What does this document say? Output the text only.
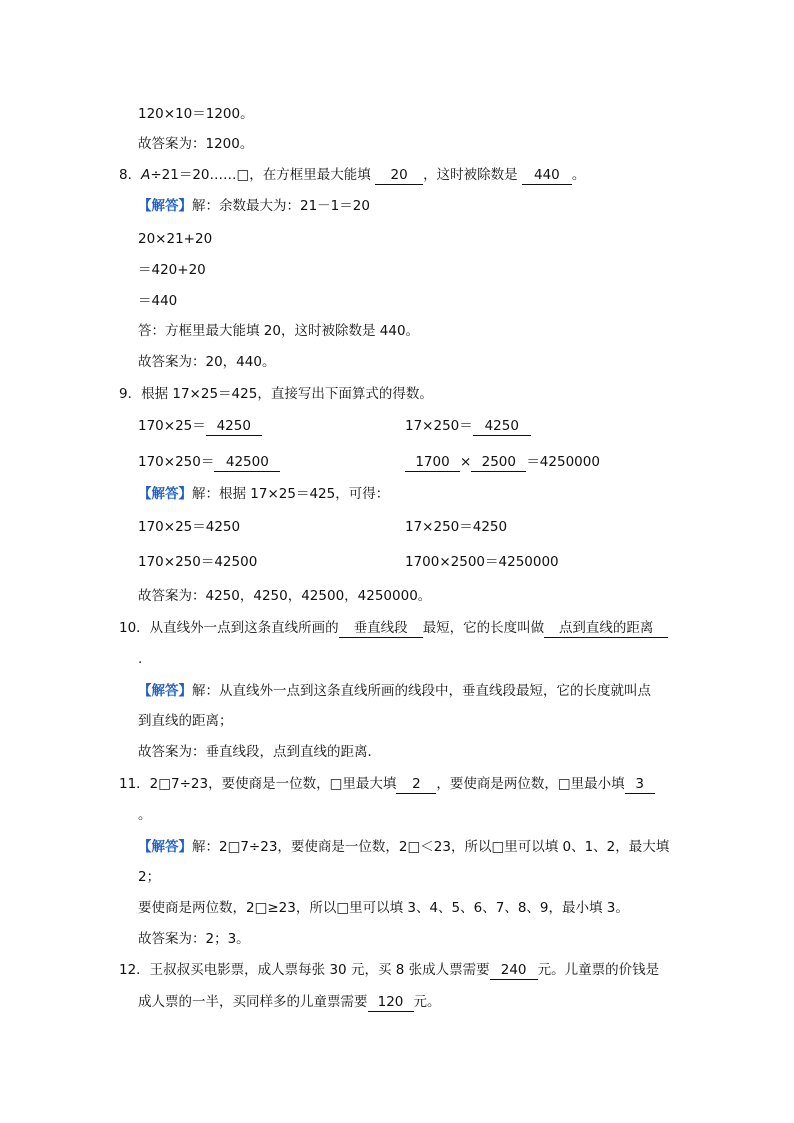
120×10＝1200。
故答案为：1200。
8．A÷21＝20……□，在方框里最大能填 20 ，这时被除数是 440 。
【解答】解：余数最大为：21－1＝20
20×21+20
＝420+20
＝440
答：方框里最大能填 20，这时被除数是 440。
故答案为：20，440。
9．根据 17×25＝425，直接写出下面算式的得数。
170×25＝ 4250	17×250＝ 4250
170×250＝ 42500	1700 × 2500 ＝4250000
【解答】解：根据 17×25＝425，可得：
170×25＝4250	17×250＝4250
170×250＝42500	1700×2500＝4250000
故答案为：4250，4250，42500，4250000。
10．从直线外一点到这条直线所画的 垂直线段 最短，它的长度叫做 点到直线的距离
.
【解答】解：从直线外一点到这条直线所画的线段中，垂直线段最短，它的长度就叫点
到直线的距离；
故答案为：垂直线段，点到直线的距离．
11．2□7÷23，要使商是一位数，□里最大填 2 ，要使商是两位数，□里最小填 3
。
【解答】解：2□7÷23，要使商是一位数，2□＜23，所以□里可以填 0、1、2，最大填
2；
要使商是两位数，2□≥23，所以□里可以填 3、4、5、6、7、8、9，最小填 3。
故答案为：2；3。
12．王叔叔买电影票，成人票每张 30 元，买 8 张成人票需要 240 元。儿童票的价钱是
成人票的一半，买同样多的儿童票需要 120 元。
